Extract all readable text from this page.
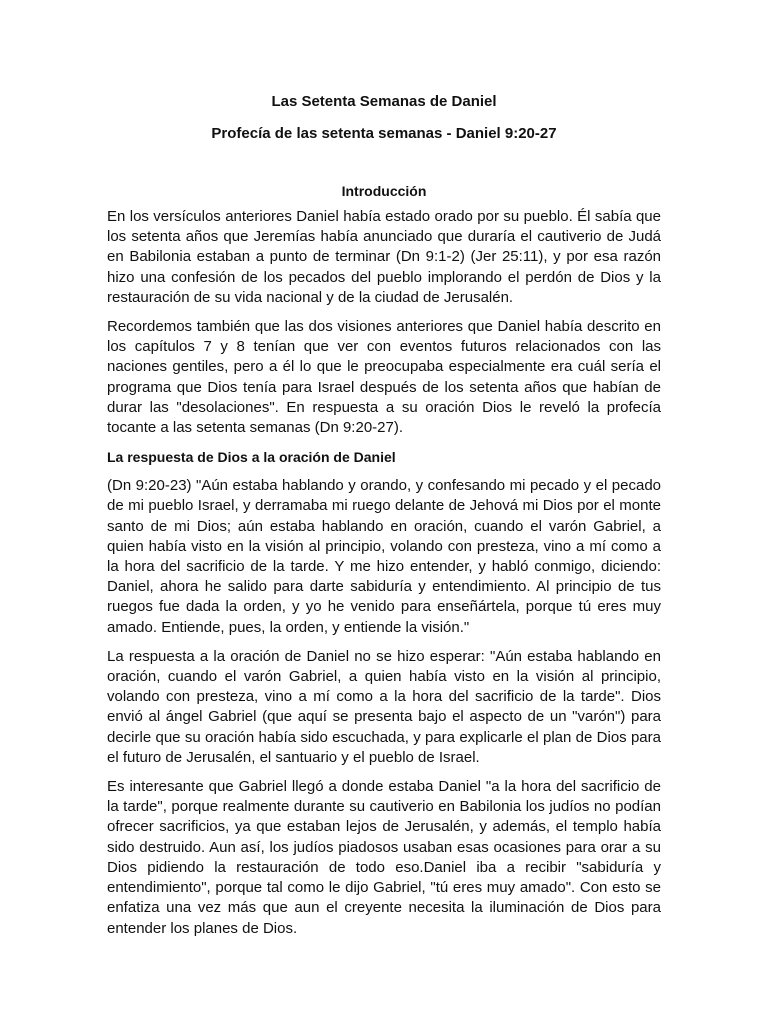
Las Setenta Semanas de Daniel
Profecía de las setenta semanas - Daniel 9:20-27
Introducción

En los versículos anteriores Daniel había estado orado por su pueblo. Él sabía que los setenta años que Jeremías había anunciado que duraría el cautiverio de Judá en Babilonia estaban a punto de terminar (Dn 9:1-2) (Jer 25:11), y por esa razón hizo una confesión de los pecados del pueblo implorando el perdón de Dios y la restauración de su vida nacional y de la ciudad de Jerusalén.

Recordemos también que las dos visiones anteriores que Daniel había descrito en los capítulos 7 y 8 tenían que ver con eventos futuros relacionados con las naciones gentiles, pero a él lo que le preocupaba especialmente era cuál sería el programa que Dios tenía para Israel después de los setenta años que habían de durar las "desolaciones". En respuesta a su oración Dios le reveló la profecía tocante a las setenta semanas (Dn 9:20-27).

La respuesta de Dios a la oración de Daniel

(Dn 9:20-23) "Aún estaba hablando y orando, y confesando mi pecado y el pecado de mi pueblo Israel, y derramaba mi ruego delante de Jehová mi Dios por el monte santo de mi Dios; aún estaba hablando en oración, cuando el varón Gabriel, a quien había visto en la visión al principio, volando con presteza, vino a mí como a la hora del sacrificio de la tarde. Y me hizo entender, y habló conmigo, diciendo: Daniel, ahora he salido para darte sabiduría y entendimiento. Al principio de tus ruegos fue dada la orden, y yo he venido para enseñártela, porque tú eres muy amado. Entiende, pues, la orden, y entiende la visión."

La respuesta a la oración de Daniel no se hizo esperar: "Aún estaba hablando en oración, cuando el varón Gabriel, a quien había visto en la visión al principio, volando con presteza, vino a mí como a la hora del sacrificio de la tarde". Dios envió al ángel Gabriel (que aquí se presenta bajo el aspecto de un "varón") para decirle que su oración había sido escuchada, y para explicarle el plan de Dios para el futuro de Jerusalén, el santuario y el pueblo de Israel.

Es interesante que Gabriel llegó a donde estaba Daniel "a la hora del sacrificio de la tarde", porque realmente durante su cautiverio en Babilonia los judíos no podían ofrecer sacrificios, ya que estaban lejos de Jerusalén, y además, el templo había sido destruido. Aun así, los judíos piadosos usaban esas ocasiones para orar a su Dios pidiendo la restauración de todo eso.Daniel iba a recibir "sabiduría y entendimiento", porque tal como le dijo Gabriel, "tú eres muy amado". Con esto se enfatiza una vez más que aun el creyente necesita la iluminación de Dios para entender los planes de Dios.
